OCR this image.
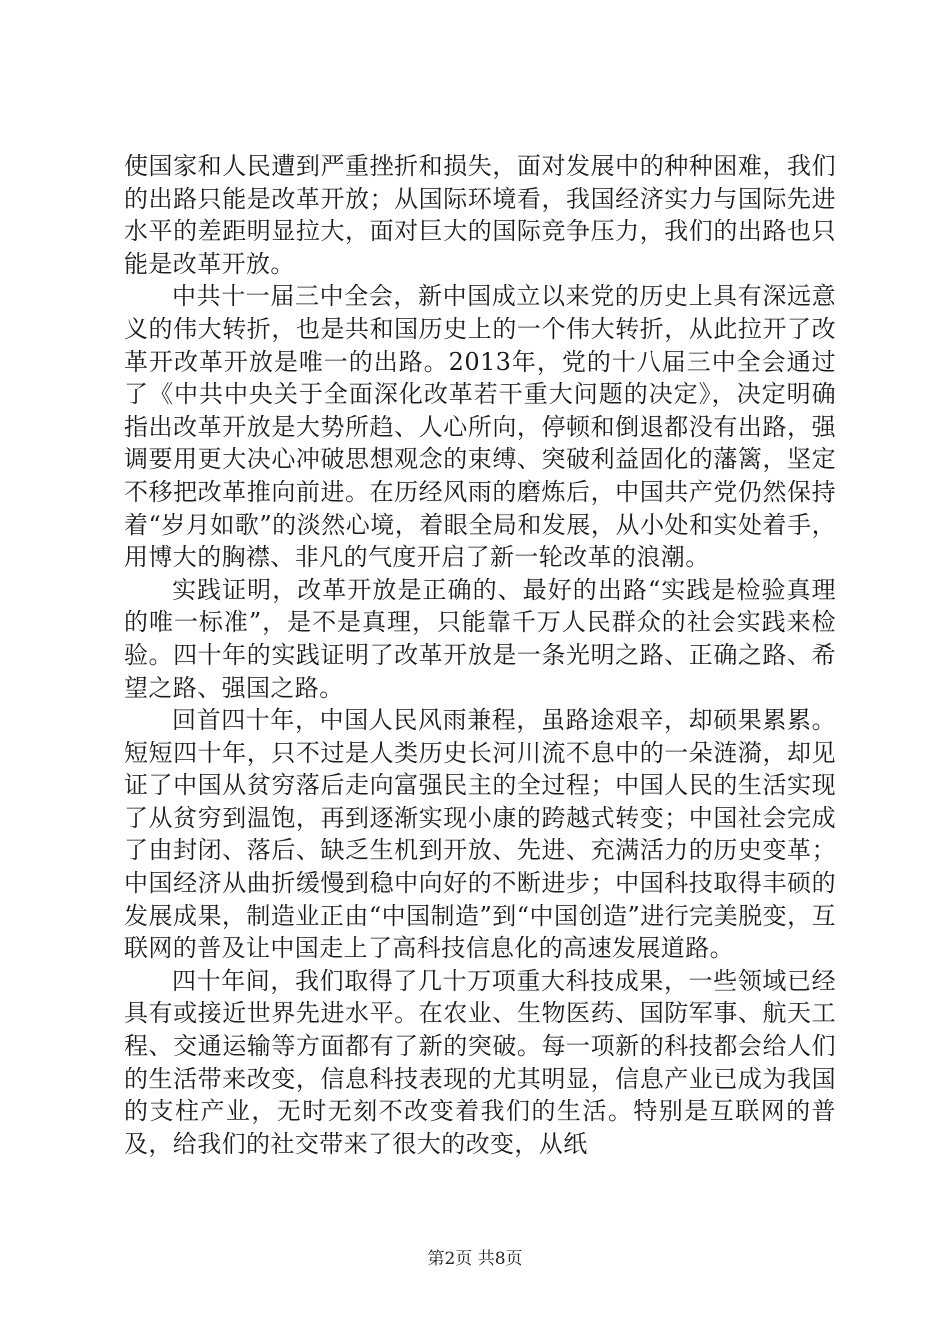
使国家和人民遭到严重挫折和损失，面对发展中的种种困难，我们的出路只能是改革开放；从国际环境看，我国经济实力与国际先进水平的差距明显拉大，面对巨大的国际竞争压力，我们的出路也只能是改革开放。

中共十一届三中全会，新中国成立以来党的历史上具有深远意义的伟大转折，也是共和国历史上的一个伟大转折，从此拉开了改革开改革开放是唯一的出路。2013年，党的十八届三中全会通过了《中共中央关于全面深化改革若干重大问题的决定》，决定明确指出改革开放是大势所趋、人心所向，停顿和倒退都没有出路，强调要用更大决心冲破思想观念的束缚、突破利益固化的藩篱，坚定不移把改革推向前进。在历经风雨的磨炼后，中国共产党仍然保持着“岁月如歌”的淡然心境，着眼全局和发展，从小处和实处着手，用博大的胸襟、非凡的气度开启了新一轮改革的浪潮。

实践证明，改革开放是正确的、最好的出路“实践是检验真理的唯一标准”，是不是真理，只能靠千万人民群众的社会实践来检验。四十年的实践证明了改革开放是一条光明之路、正确之路、希望之路、强国之路。

回首四十年，中国人民风雨兼程，虽路途艰辛，却硕果累累。短短四十年，只不过是人类历史长河川流不息中的一朵涟漪，却见证了中国从贫穷落后走向富强民主的全过程；中国人民的生活实现了从贫穷到温饱，再到逐渐实现小康的跨越式转变；中国社会完成了由封闭、落后、缺乏生机到开放、先进、充满活力的历史变革；中国经济从曲折缓慢到稳中向好的不断进步；中国科技取得丰硕的发展成果，制造业正由“中国制造”到“中国创造”进行完美脱变，互联网的普及让中国走上了高科技信息化的高速发展道路。

四十年间，我们取得了几十万项重大科技成果，一些领域已经具有或接近世界先进水平。在农业、生物医药、国防军事、航天工程、交通运输等方面都有了新的突破。每一项新的科技都会给人们的生活带来改变，信息科技表现的尤其明显，信息产业已成为我国的支柱产业，无时无刻不改变着我们的生活。特别是互联网的普及，给我们的社交带来了很大的改变，从纸

第2页 共8页
